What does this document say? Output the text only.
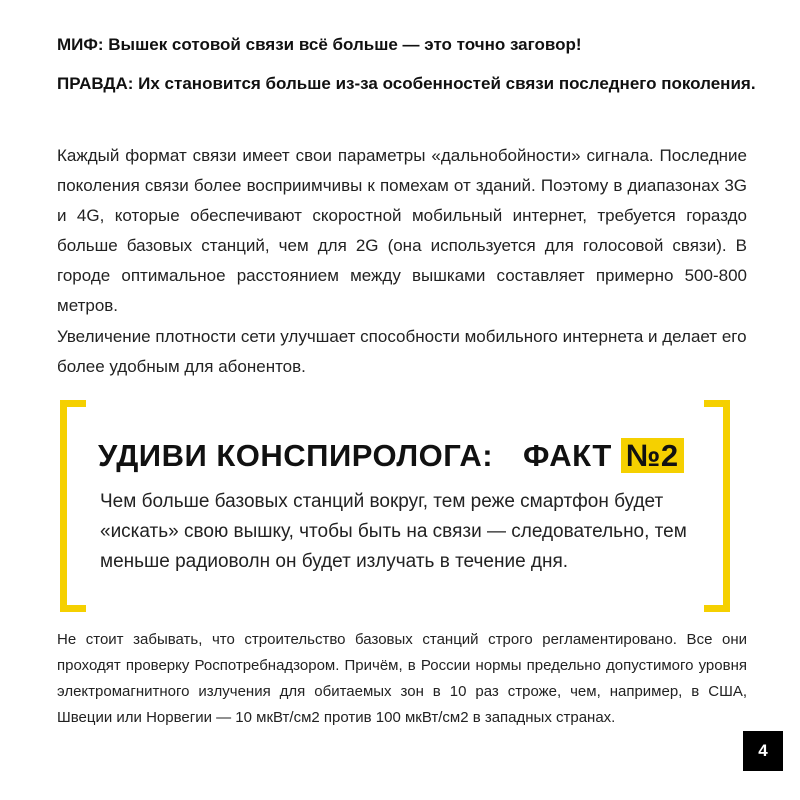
МИФ: Вышек сотовой связи всё больше — это точно заговор!
ПРАВДА: Их становится больше из-за особенностей связи последнего поколения.
Каждый формат связи имеет свои параметры «дальнобойности» сигнала. Последние поколения связи более восприимчивы к помехам от зданий. Поэтому в диапазонах 3G и 4G, которые обеспечивают скоростной мобильный интернет, требуется гораздо больше базовых станций, чем для 2G (она используется для голосовой связи). В городе оптимальное расстоянием между вышками составляет примерно 500-800 метров.
Увеличение плотности сети улучшает способности мобильного интернета и делает его более удобным для абонентов.
УДИВИ КОНСПИРОЛОГА: ФАКТ №2
Чем больше базовых станций вокруг, тем реже смартфон будет «искать» свою вышку, чтобы быть на связи — следовательно, тем меньше радиоволн он будет излучать в течение дня.
Не стоит забывать, что строительство базовых станций строго регламентировано. Все они проходят проверку Роспотребнадзором. Причём, в России нормы предельно допустимого уровня электромагнитного излучения для обитаемых зон в 10 раз строже, чем, например, в США, Швеции или Норвегии — 10 мкВт/см2 против 100 мкВт/см2 в западных странах.
4
